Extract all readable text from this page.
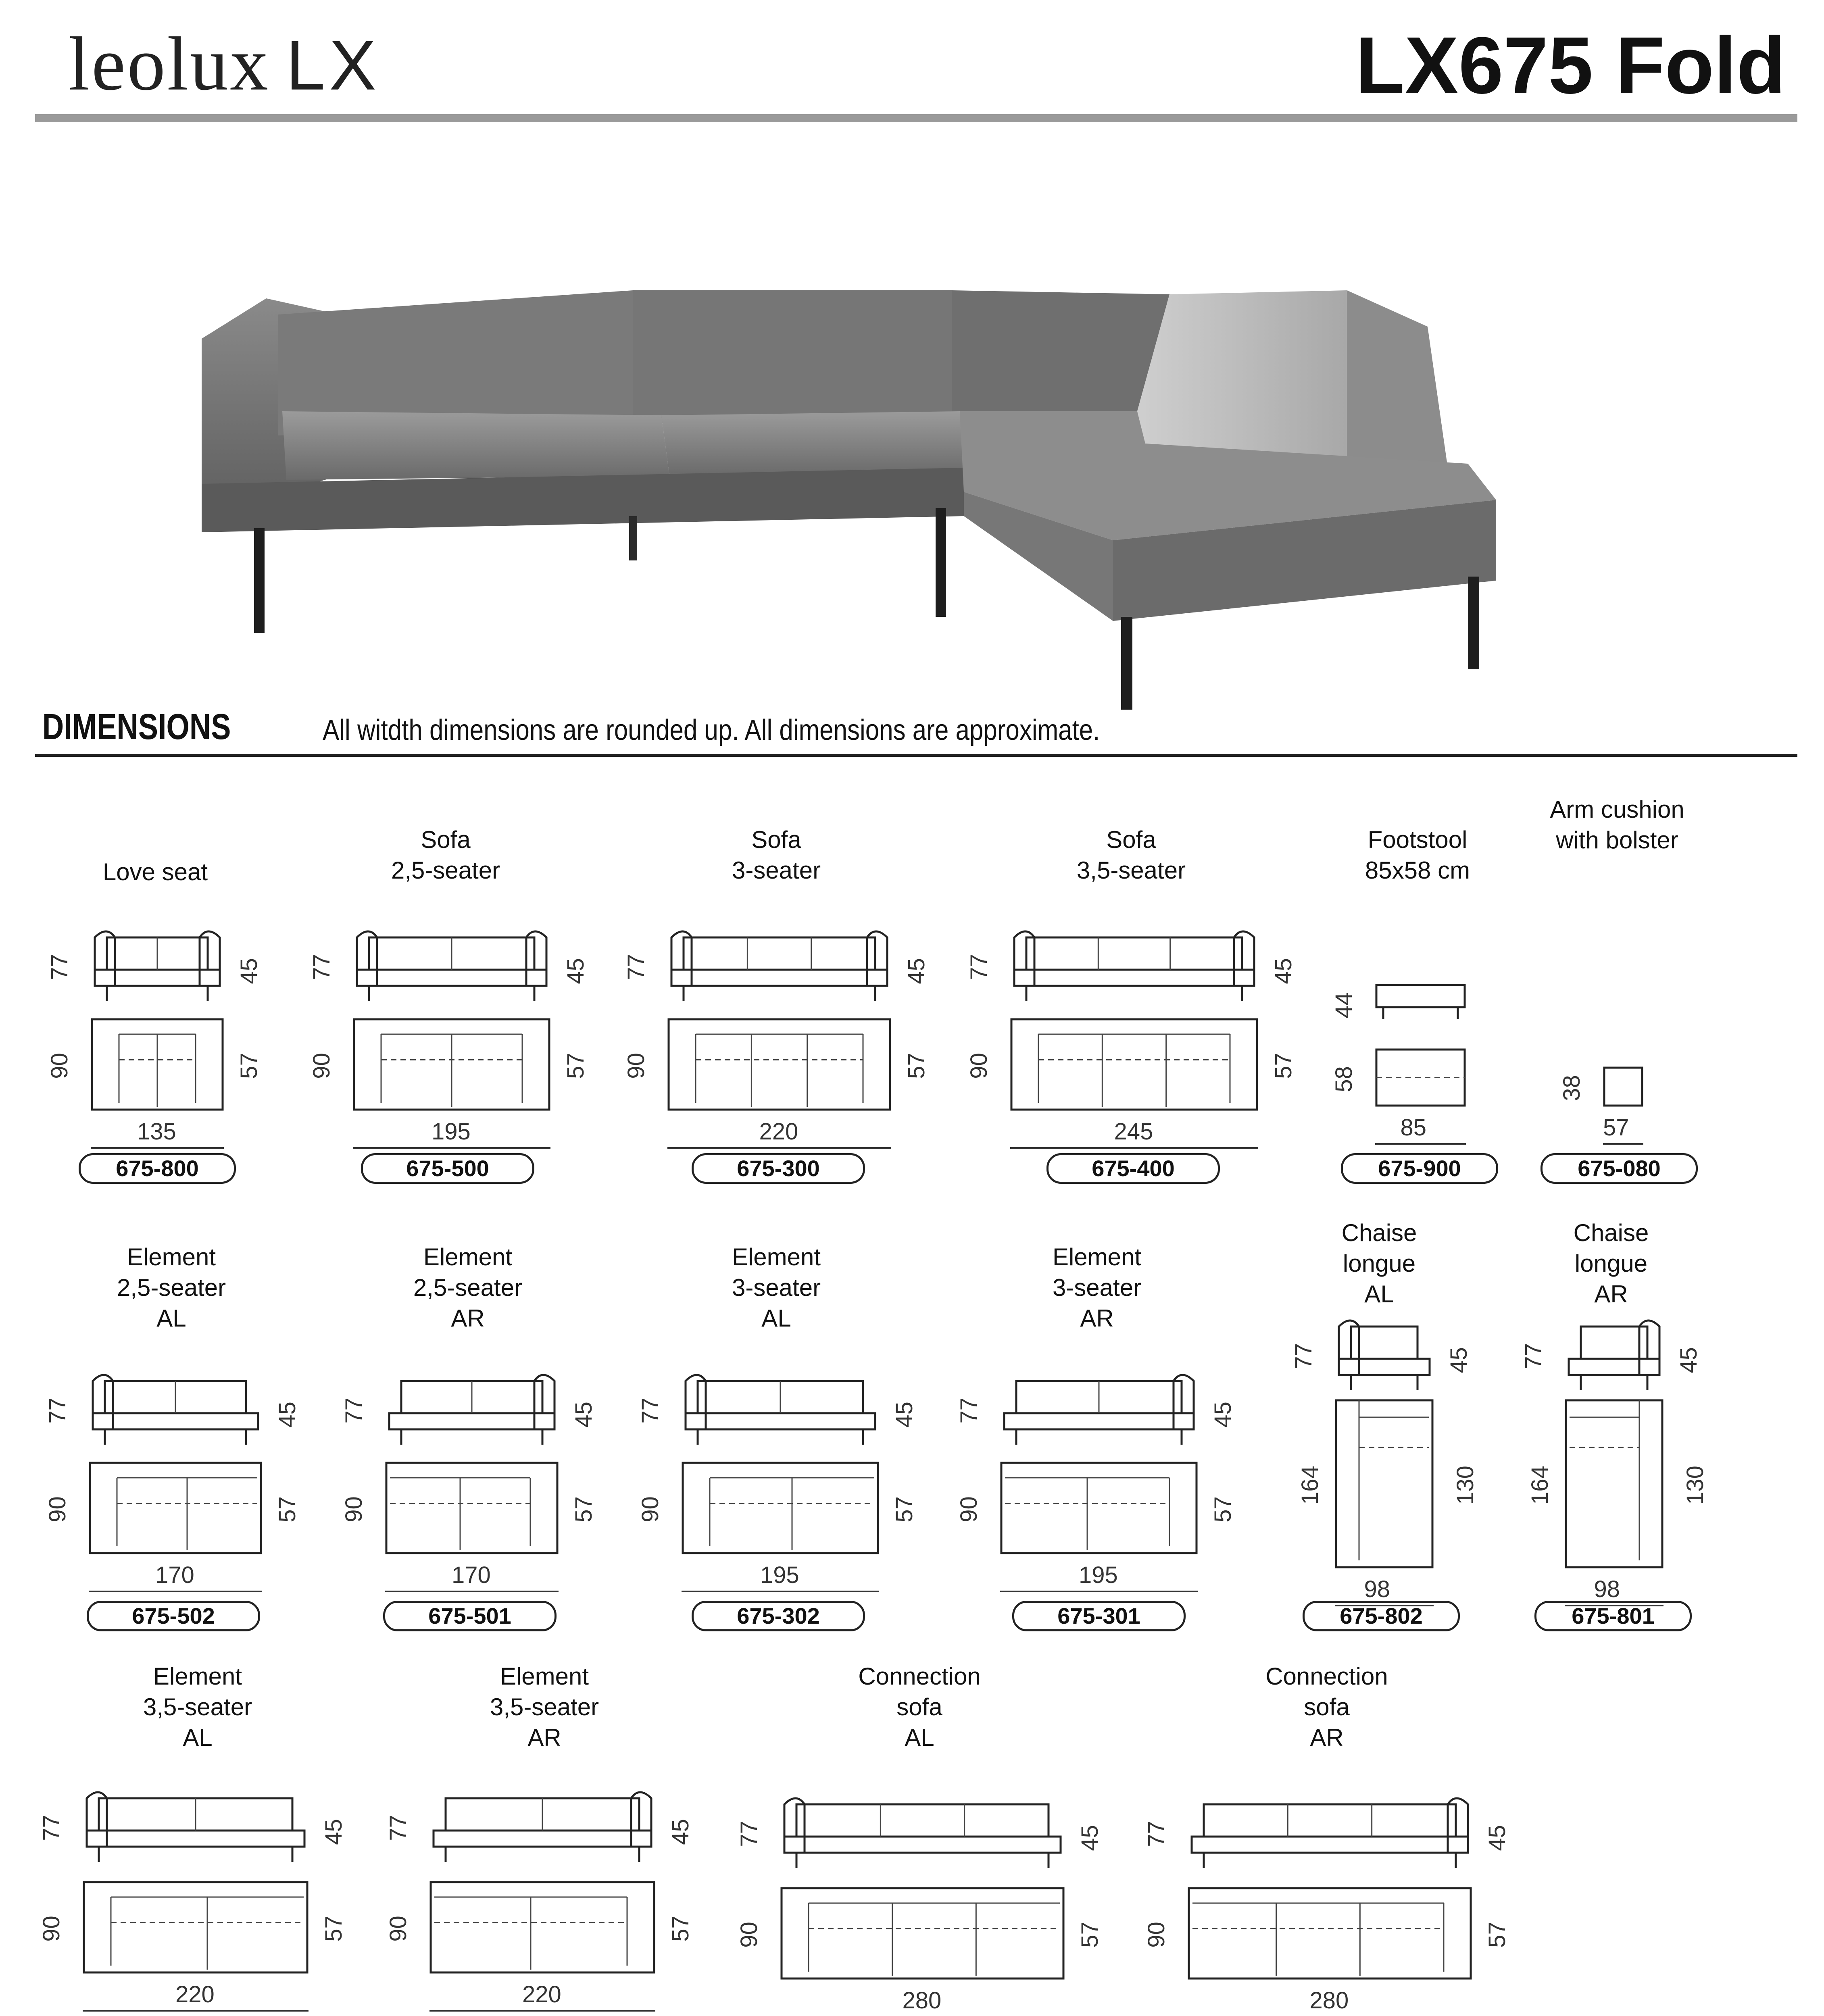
leolux LX	LX675 Fold
DIMENSIONS	All witdth dimensions are rounded up. All dimensions are approximate.
Love seat
77	45
90	57
135
675-800
Sofa
2,5-seater
77	45
90	57
195
675-500
Sofa
3-seater
77	45
90	57
220
675-300
Sofa
3,5-seater
77	45
90	57
245
675-400
Footstool
85x58 cm
44
58
85
675-900
Arm cushion
with bolster
38
57
675-080
Element
2,5-seater
AL
77	45
90	57
170
675-502
Element
2,5-seater
AR
77	45
90	57
170
675-501
Element
3-seater
AL
77	45
90	57
195
675-302
Element
3-seater
AR
77	45
90	57
195
675-301
Chaise
longue
AL
77	45
164	130
98
675-802
Chaise
longue
AR
77	45
164	130
98
675-801
Element
3,5-seater
AL
77	45
90	57
220
Element
3,5-seater
AR
77	45
90	57
220
Connection
sofa
AL
77	45
90	57
280
Connection
sofa
AR
77	45
90	57
280
